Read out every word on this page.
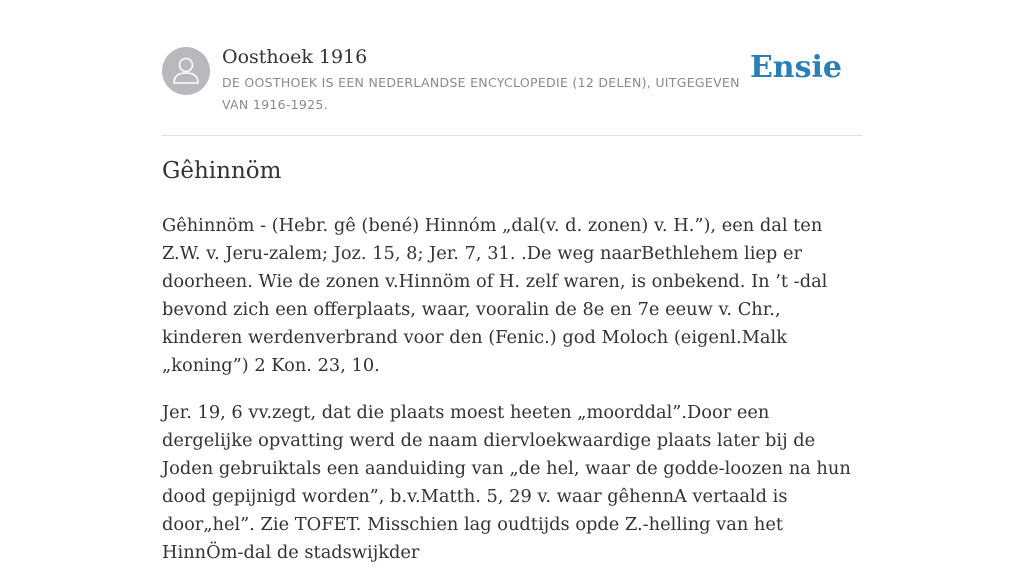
Oosthoek 1916
DE OOSTHOEK IS EEN NEDERLANDSE ENCYCLOPEDIE (12 DELEN), UITGEGEVEN VAN 1916-1925.
Ensie
Gêhinnöm

Gêhinnöm - (Hebr. gê (bené) Hinnóm „dal(v. d. zonen) v. H.”), een dal ten Z.W. v. Jeru-zalem; Joz. 15, 8; Jer. 7, 31. .De weg naarBethlehem liep er doorheen. Wie de zonen v.Hinnöm of H. zelf waren, is onbekend. In ’t -dal bevond zich een offerplaats, waar, vooralin de 8e en 7e eeuw v. Chr., kinderen werdenverbrand voor den (Fenic.) god Moloch (eigenl.Malk „koning”) 2 Kon. 23, 10.

Jer. 19, 6 vv.zegt, dat die plaats moest heeten „moorddal”.Door een dergelijke opvatting werd de naam diervloekwaardige plaats later bij de Joden gebruiktals een aanduiding van „de hel, waar de godde-loozen na hun dood gepijnigd worden”, b.v.Matth. 5, 29 v. waar gêhennA vertaald is door„hel”. Zie TOFET. Misschien lag oudtijds opde Z.-helling van het HinnÖm-dal de stadswijkder
